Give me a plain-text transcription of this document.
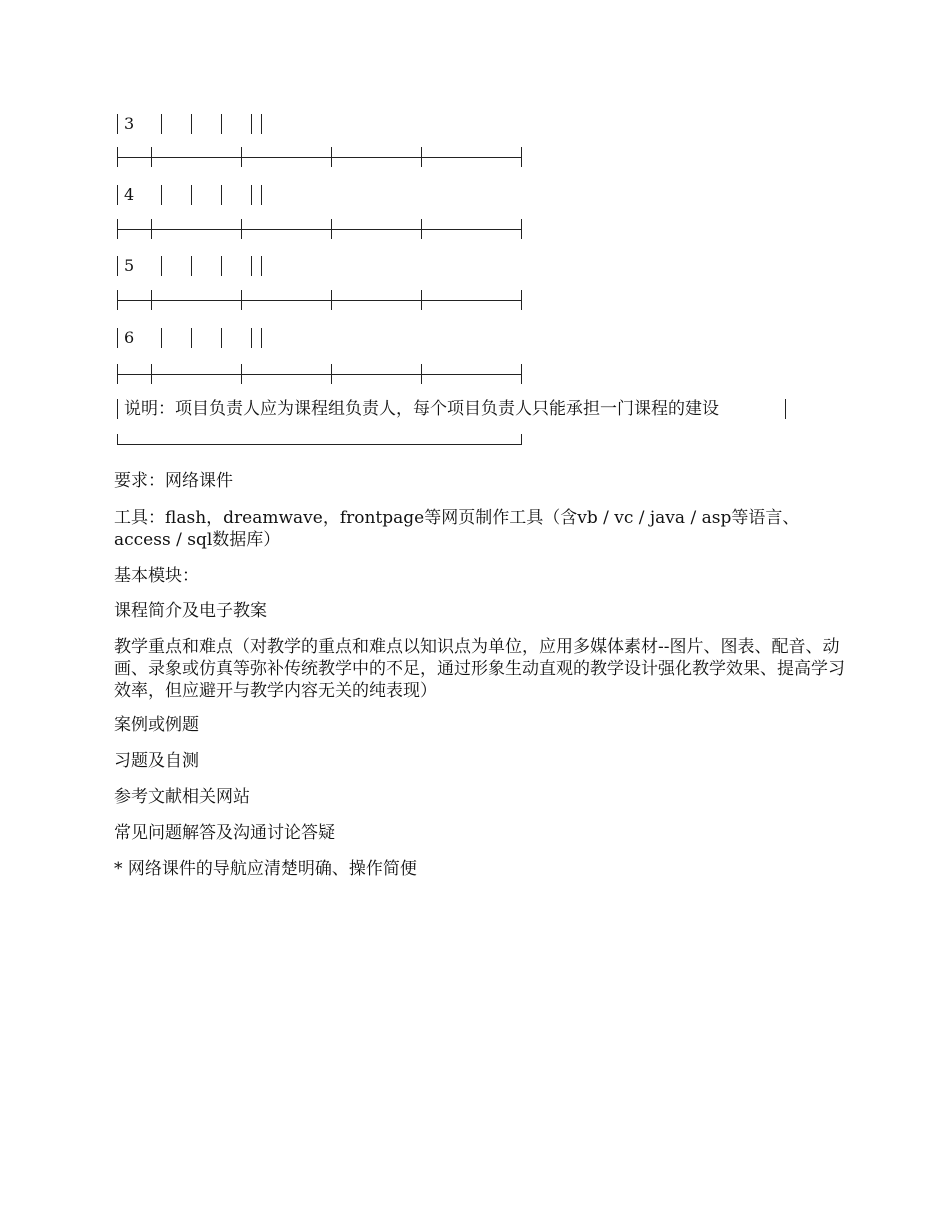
3
4
5
6
说明：项目负责人应为课程组负责人，每个项目负责人只能承担一门课程的建设
要求：网络课件
工具：flash，dreamwave，frontpage等网页制作工具（含vb / vc / java / asp等语言、access / sql数据库）
基本模块：
课程简介及电子教案
教学重点和难点（对教学的重点和难点以知识点为单位，应用多媒体素材--图片、图表、配音、动画、录象或仿真等弥补传统教学中的不足，通过形象生动直观的教学设计强化教学效果、提高学习效率，但应避开与教学内容无关的纯表现）
案例或例题
习题及自测
参考文献相关网站
常见问题解答及沟通讨论答疑
* 网络课件的导航应清楚明确、操作简便
